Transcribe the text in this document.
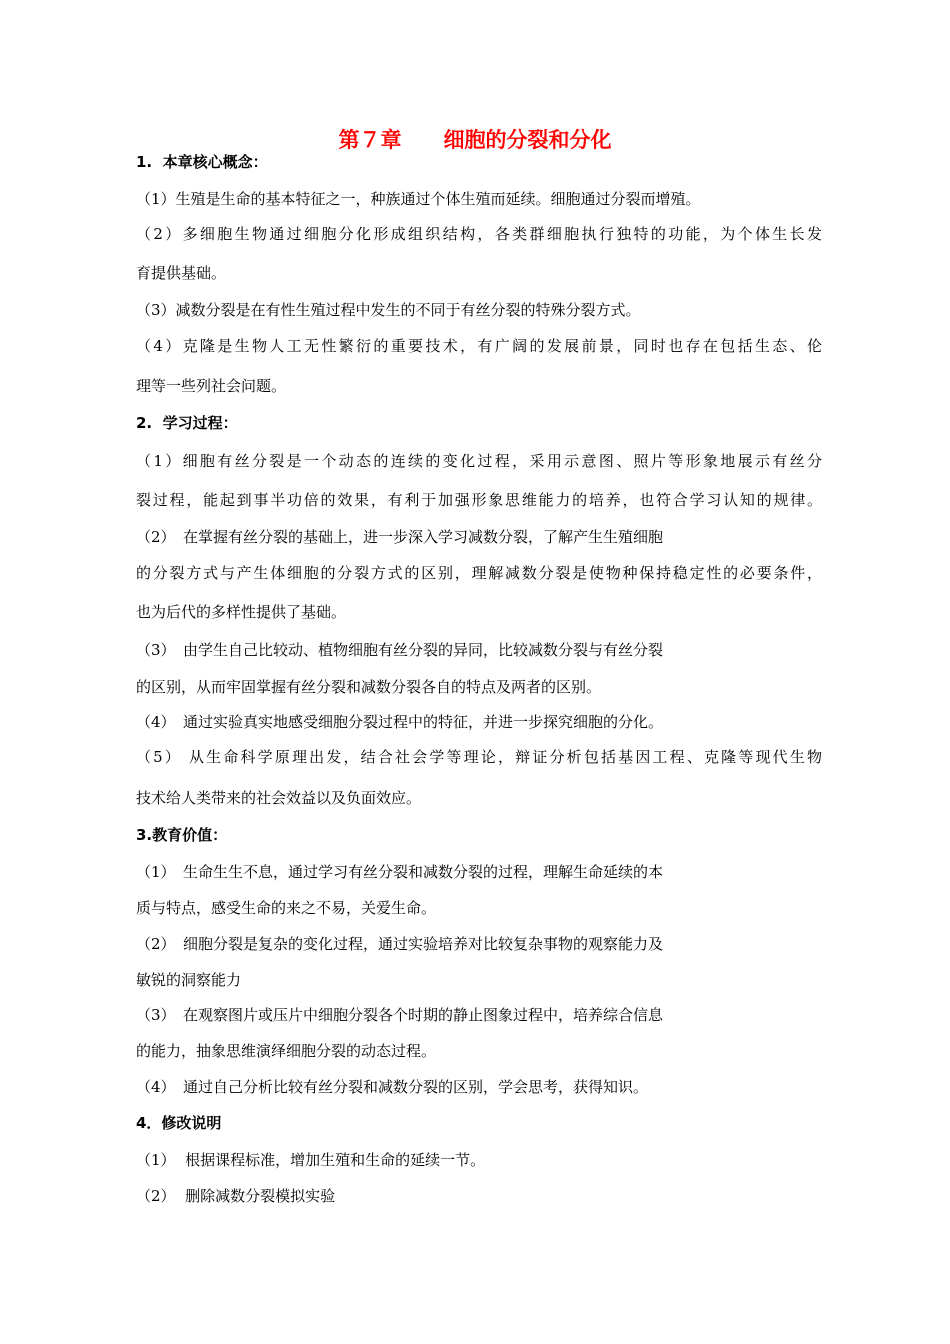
第７章　　细胞的分裂和分化
1.  本章核心概念：
（1）生殖是生命的基本特征之一，种族通过个体生殖而延续。细胞通过分裂而增殖。
（2）多细胞生物通过细胞分化形成组织结构，各类群细胞执行独特的功能，为个体生长发
育提供基础。
（3）减数分裂是在有性生殖过程中发生的不同于有丝分裂的特殊分裂方式。
（4）克隆是生物人工无性繁衍的重要技术，有广阔的发展前景，同时也存在包括生态、伦
理等一些列社会问题。
2.  学习过程：
（1）细胞有丝分裂是一个动态的连续的变化过程，采用示意图、照片等形象地展示有丝分
裂过程，能起到事半功倍的效果，有利于加强形象思维能力的培养，也符合学习认知的规律。
（2）　在掌握有丝分裂的基础上，进一步深入学习减数分裂，了解产生生殖细胞
的分裂方式与产生体细胞的分裂方式的区别，理解减数分裂是使物种保持稳定性的必要条件，
也为后代的多样性提供了基础。
（3）　由学生自己比较动、植物细胞有丝分裂的异同，比较减数分裂与有丝分裂
的区别，从而牢固掌握有丝分裂和减数分裂各自的特点及两者的区别。
（4）　通过实验真实地感受细胞分裂过程中的特征，并进一步探究细胞的分化。
（5） 从生命科学原理出发，结合社会学等理论，辩证分析包括基因工程、克隆等现代生物
技术给人类带来的社会效益以及负面效应。
3.教育价值：
（1）　生命生生不息，通过学习有丝分裂和减数分裂的过程，理解生命延续的本
质与特点，感受生命的来之不易，关爱生命。
（2）　细胞分裂是复杂的变化过程，通过实验培养对比较复杂事物的观察能力及
敏锐的洞察能力
（3）　在观察图片或压片中细胞分裂各个时期的静止图象过程中，培养综合信息
的能力，抽象思维演绎细胞分裂的动态过程。
（4）　通过自己分析比较有丝分裂和减数分裂的区别，学会思考，获得知识。
4．修改说明
（1）  根据课程标准，增加生殖和生命的延续一节。
（2）  删除减数分裂模拟实验
